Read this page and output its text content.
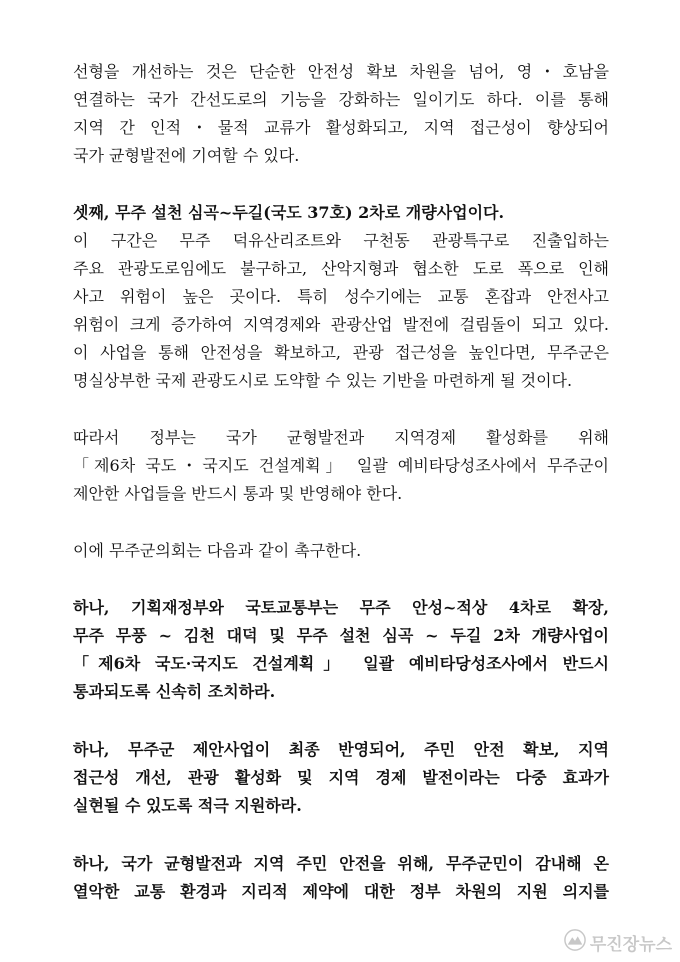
선형을 개선하는 것은 단순한 안전성 확보 차원을 넘어, 영・호남을
연결하는 국가 간선도로의 기능을 강화하는 일이기도 하다. 이를 통해
지역 간 인적・물적 교류가 활성화되고, 지역 접근성이 향상되어
국가 균형발전에 기여할 수 있다.
셋째, 무주 설천 심곡~두길(국도 37호) 2차로 개량사업이다.
이 구간은 무주 덕유산리조트와 구천동 관광특구로 진출입하는
주요 관광도로임에도 불구하고, 산악지형과 협소한 도로 폭으로 인해
사고 위험이 높은 곳이다. 특히 성수기에는 교통 혼잡과 안전사고
위험이 크게 증가하여 지역경제와 관광산업 발전에 걸림돌이 되고 있다.
이 사업을 통해 안전성을 확보하고, 관광 접근성을 높인다면, 무주군은
명실상부한 국제 관광도시로 도약할 수 있는 기반을 마련하게 될 것이다.
따라서 정부는 국가 균형발전과 지역경제 활성화를 위해
「제6차 국도・국지도 건설계획」 일괄 예비타당성조사에서 무주군이
제안한 사업들을 반드시 통과 및 반영해야 한다.
이에 무주군의회는 다음과 같이 촉구한다.
하나, 기획재정부와 국토교통부는 무주 안성~적상 4차로 확장,
무주 무풍 ~ 김천 대덕 및 무주 설천 심곡 ~ 두길 2차 개량사업이
「제6차 국도·국지도 건설계획」 일괄 예비타당성조사에서 반드시
통과되도록 신속히 조치하라.
하나, 무주군 제안사업이 최종 반영되어, 주민 안전 확보, 지역
접근성 개선, 관광 활성화 및 지역 경제 발전이라는 다중 효과가
실현될 수 있도록 적극 지원하라.
하나, 국가 균형발전과 지역 주민 안전을 위해, 무주군민이 감내해 온
열악한 교통 환경과 지리적 제약에 대한 정부 차원의 지원 의지를
무진장뉴스
